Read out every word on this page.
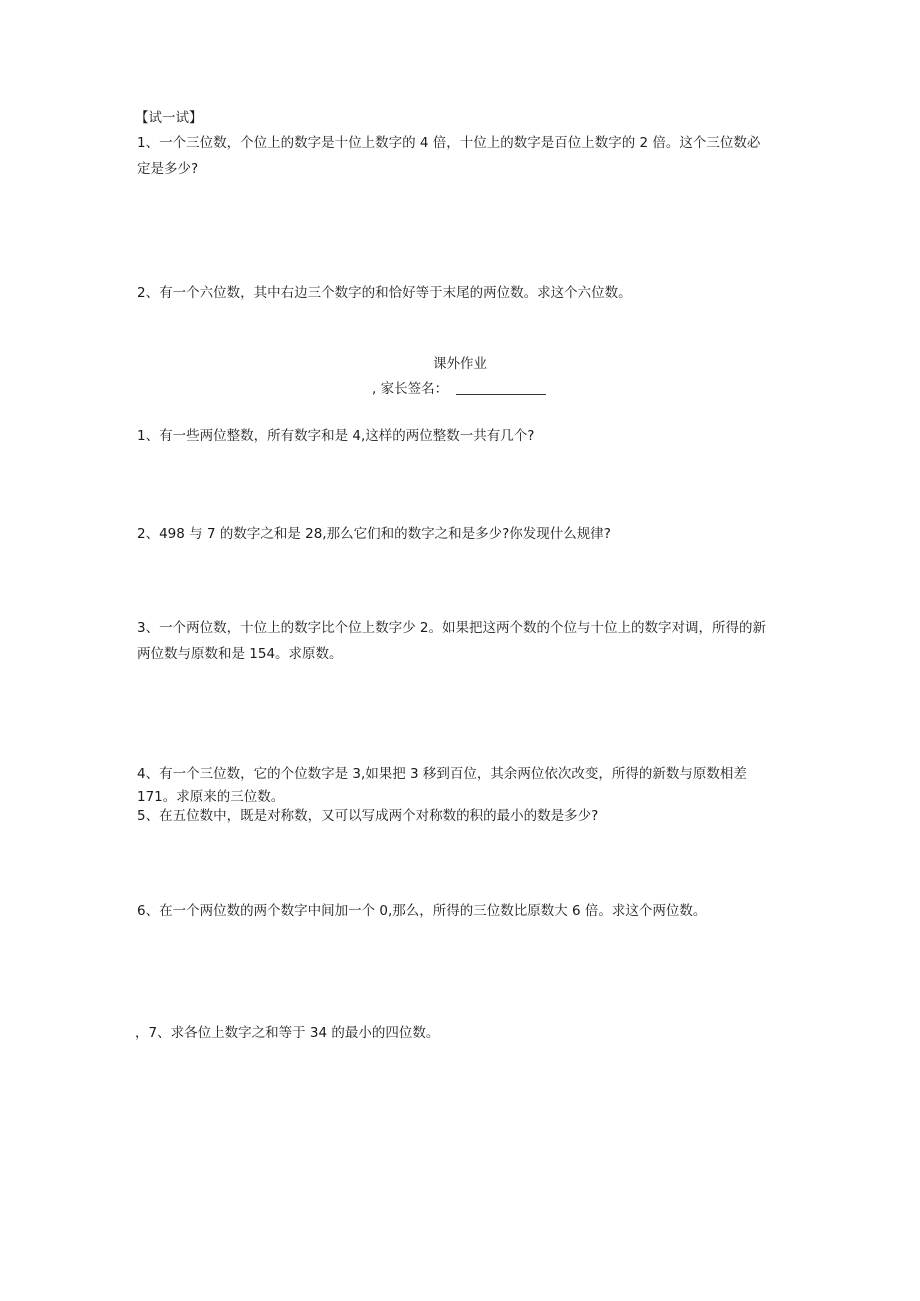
【试一试】
1、一个三位数，个位上的数字是十位上数字的 4 倍，十位上的数字是百位上数字的 2 倍。这个三位数必
定是多少?
2、有一个六位数，其中右边三个数字的和恰好等于末尾的两位数。求这个六位数。
课外作业
, 家长签名：
1、有一些两位整数，所有数字和是 4,这样的两位整数一共有几个?
2、498 与 7 的数字之和是 28,那么它们和的数字之和是多少?你发现什么规律?
3、一个两位数，十位上的数字比个位上数字少 2。如果把这两个数的个位与十位上的数字对调，所得的新
两位数与原数和是 154。求原数。
4、有一个三位数，它的个位数字是 3,如果把 3 移到百位，其余两位依次改变，所得的新数与原数相差
171。求原来的三位数。
5、在五位数中，既是对称数，又可以写成两个对称数的积的最小的数是多少?
6、在一个两位数的两个数字中间加一个 0,那么，所得的三位数比原数大 6 倍。求这个两位数。
，7、求各位上数字之和等于 34 的最小的四位数。
